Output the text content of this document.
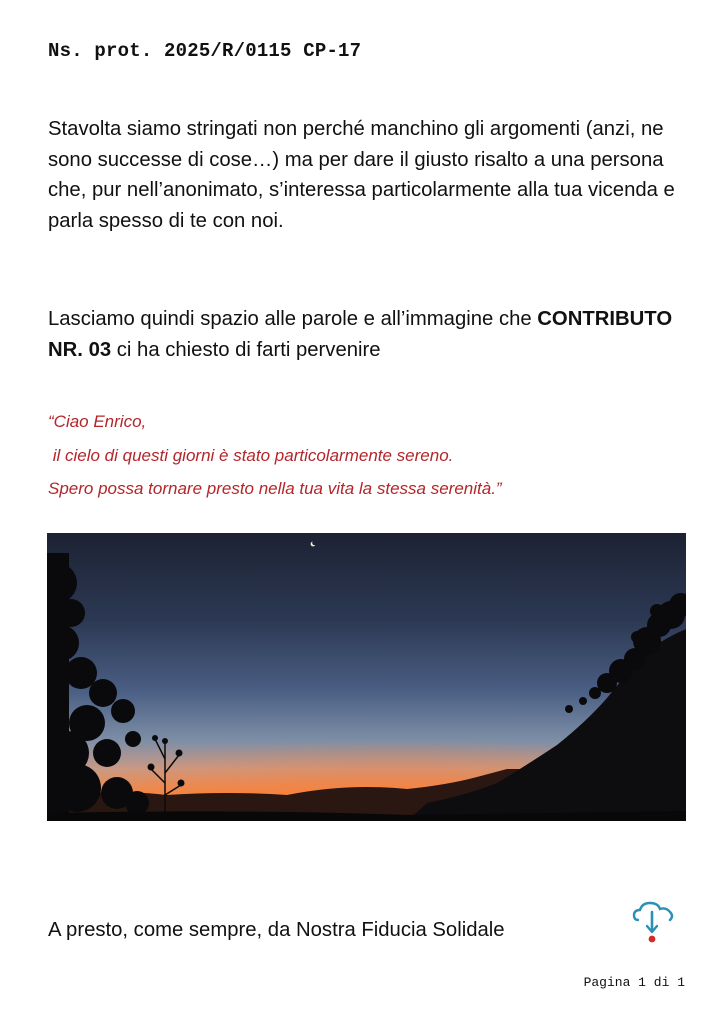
Ns. prot. 2025/R/0115 CP-17

Stavolta siamo stringati non perché manchino gli argomenti (anzi, ne sono successe di cose…) ma per dare il giusto risalto a una persona che, pur nell’anonimato, s’interessa particolarmente alla tua vicenda e parla spesso di te con noi.

Lasciamo quindi spazio alle parole e all’immagine che CONTRIBUTO NR. 03 ci ha chiesto di farti pervenire

“Ciao Enrico,
il cielo di questi giorni è stato particolarmente sereno.
Spero possa tornare presto nella tua vita la stessa serenità.”

A presto, come sempre, da Nostra Fiducia Solidale

Pagina 1 di 1
